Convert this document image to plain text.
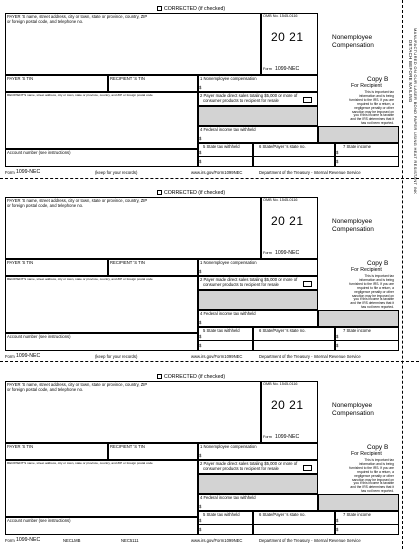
DETACH BEFORE MAILING MANUFACTURED ON OUR LASER BOND PAPER USING HEAT RESISTANT INK
CORRECTED (if checked)
PAYER 'S name, street address, city or town, state or province, country, ZIP
or foreign postal code, and telephone no.
OMB No. 1545-0116
20 21
Form 1099-NEC
Nonemployee
Compensation
PAYER 'S TIN	RECIPIENT 'S TIN	1 Nonemployee compensation
$
Copy B
For Recipient
This is important tax
information and is being
furnished to the IRS. If you are
required to file a return, a
negligence penalty or other
sanction may be imposed on
you if this income is taxable
and the IRS determines that it
has not been reported.
RECIPIENT'S name, street address, city or town, state or province, country, and ZIP or foreign postal code	2 Payer made direct sales totaling $5,000 or more of
consumer products to recipient for resale
4 Federal income tax withheld
$
5 State tax withheld
$
$
6 State/Payer 's state no.	7 State income
$
$
Account number (see instructions)
Form 1099-NEC	(keep for your records)	www.irs.gov/Form1099NEC	Department of the Treasury - Internal Revenue Service
CORRECTED (if checked)
PAYER 'S name, street address, city or town, state or province, country, ZIP
or foreign postal code, and telephone no.
OMB No. 1545-0116
20 21
Form 1099-NEC
Nonemployee
Compensation
PAYER 'S TIN	RECIPIENT 'S TIN	1 Nonemployee compensation
$
Copy B
For Recipient
This is important tax
information and is being
furnished to the IRS. If you are
required to file a return, a
negligence penalty or other
sanction may be imposed on
you if this income is taxable
and the IRS determines that it
has not been reported.
RECIPIENT'S name, street address, city or town, state or province, country, and ZIP or foreign postal code	2 Payer made direct sales totaling $5,000 or more of
consumer products to recipient for resale
4 Federal income tax withheld
$
5 State tax withheld
$
$
6 State/Payer 's state no.	7 State income
$
$
Account number (see instructions)
Form 1099-NEC	(keep for your records)	www.irs.gov/Form1099NEC	Department of the Treasury - Internal Revenue Service
CORRECTED (if checked)
PAYER 'S name, street address, city or town, state or province, country, ZIP
or foreign postal code, and telephone no.
OMB No. 1545-0116
20 21
Form 1099-NEC
Nonemployee
Compensation
PAYER 'S TIN	RECIPIENT 'S TIN	1 Nonemployee compensation
$
Copy B
For Recipient
This is important tax
information and is being
furnished to the IRS. If you are
required to file a return, a
negligence penalty or other
sanction may be imposed on
you if this income is taxable
and the IRS determines that it
has not been reported.
RECIPIENT'S name, street address, city or town, state or province, country, and ZIP or foreign postal code	2 Payer made direct sales totaling $5,000 or more of
consumer products to recipient for resale
4 Federal income tax withheld
$
5 State tax withheld
$
$
6 State/Payer 's state no.	7 State income
$
$
Account number (see instructions)
Form 1099-NEC	NECLMB	NEC5111	www.irs.gov/Form1099NEC	Department of the Treasury - Internal Revenue Service
